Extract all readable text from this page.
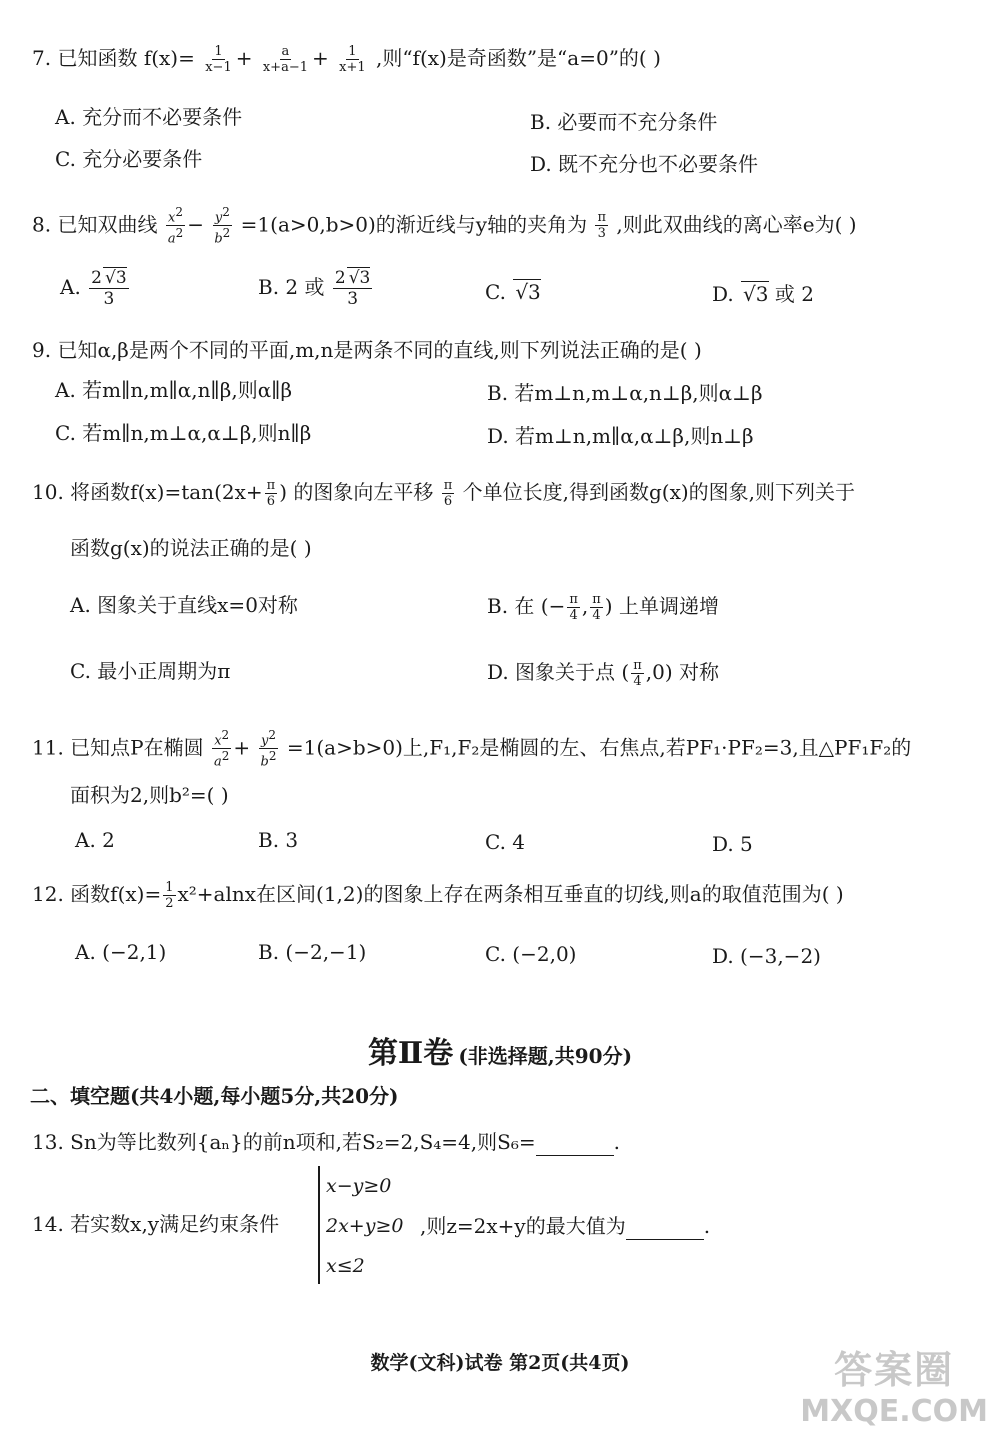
7. 已知函数 $f(x)= \frac{1}{x-1} + \frac{a}{x+a-1} + \frac{1}{x+1}$ ,则“f(x)是奇函数”是“a=0”的( )
A. 充分而不必要条件	B. 必要而不充分条件
C. 充分必要条件	D. 既不充分也不必要条件
8. 已知双曲线 $\frac{x^2}{a^2} - \frac{y^2}{b^2} =1(a>0,b>0)$的渐近线与y轴的夹角为 $\frac{\pi}{3}$ ,则此双曲线的离心率e为( )
A. $\frac{2 √3}{3}$	B. 2 或 $\frac{2 √3}{3}$	C. √3	D. √3 或 2
9. 已知α,β是两个不同的平面,m,n是两条不同的直线,则下列说法正确的是( )
A. 若m∥n,m∥α,n∥β,则α∥β	B. 若m⊥n,m⊥α,n⊥β,则α⊥β
C. 若m∥n,m⊥α,α⊥β,则n∥β	D. 若m⊥n,m∥α,α⊥β,则n⊥β
10. 将函数$f(x)=\tan(2x+ \frac{\pi}{6}$ ) 的图象向左平移 $\frac{\pi}{6}$ 个单位长度,得到函数g(x)的图象,则下列关于
函数g(x)的说法正确的是( )
A. 图象关于直线x=0对称	B. 在 (− $\frac{\pi}{4}$ , $\frac{\pi}{4}$ ) 上单调递增
C. 最小正周期为π	D. 图象关于点 ( $\frac{\pi}{4} ,0$) 对称
11. 已知点P在椭圆 $\frac{x^2}{a^2} + \frac{y^2}{b^2} =1(a>b>0)$上,F₁,F₂是椭圆的左、右焦点,若PF₁·PF₂=3,且△PF₁F₂的
面积为2,则b²=( )
A. 2	B. 3	C. 4	D. 5
12. 函数$f(x)= \frac{1}{2} x^2+alnx$在区间(1,2)的图象上存在两条相互垂直的切线,则a的取值范围为( )
A. (−2,1)	B. (−2,−1)	C. (−2,0)	D. (−3,−2)
第Ⅱ卷 (非选择题,共90分)
二、填空题(共4小题,每小题5分,共20分)
13. Sn为等比数列{aₙ}的前n项和,若S₂=2,S₄=4,则S₆=	.
14. 若实数x,y满足约束条件
x−y≥0
2x+y≥0
x≤2
,则z=2x+y的最大值为	.
数学(文科)试卷 第2页(共4页)	答案圈
MXQE.COM
